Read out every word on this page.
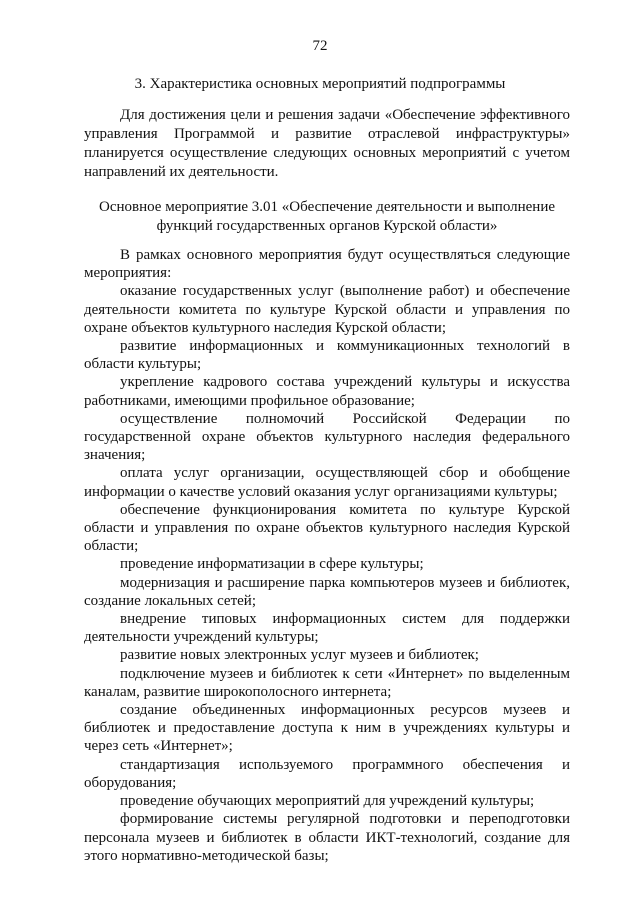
72
3. Характеристика основных мероприятий подпрограммы
Для достижения цели и решения задачи «Обеспечение эффективного управления Программой и развитие отраслевой инфраструктуры» планируется осуществление следующих основных мероприятий с учетом направлений их деятельности.
Основное мероприятие 3.01 «Обеспечение деятельности и выполнение функций государственных органов Курской области»

В рамках основного мероприятия будут осуществляться следующие мероприятия:

оказание государственных услуг (выполнение работ) и обеспечение деятельности комитета по культуре Курской области и управления по охране объектов культурного наследия Курской области;

развитие информационных и коммуникационных технологий в области культуры;

укрепление кадрового состава учреждений культуры и искусства работниками, имеющими профильное образование;

осуществление полномочий Российской Федерации по государственной охране объектов культурного наследия федерального значения;

оплата услуг организации, осуществляющей сбор и обобщение информации о качестве условий оказания услуг организациями культуры;

обеспечение функционирования комитета по культуре Курской области и управления по охране объектов культурного наследия Курской области;

проведение информатизации в сфере культуры;

модернизация и расширение парка компьютеров музеев и библиотек, создание локальных сетей;

внедрение типовых информационных систем для поддержки деятельности учреждений культуры;

развитие новых электронных услуг музеев и библиотек;

подключение музеев и библиотек к сети «Интернет» по выделенным каналам, развитие широкополосного интернета;

создание объединенных информационных ресурсов музеев и библиотек и предоставление доступа к ним в учреждениях культуры и через сеть «Интернет»;

стандартизация используемого программного обеспечения и оборудования;

проведение обучающих мероприятий для учреждений культуры;

формирование системы регулярной подготовки и переподготовки персонала музеев и библиотек в области ИКТ-технологий, создание для этого нормативно-методической базы;
